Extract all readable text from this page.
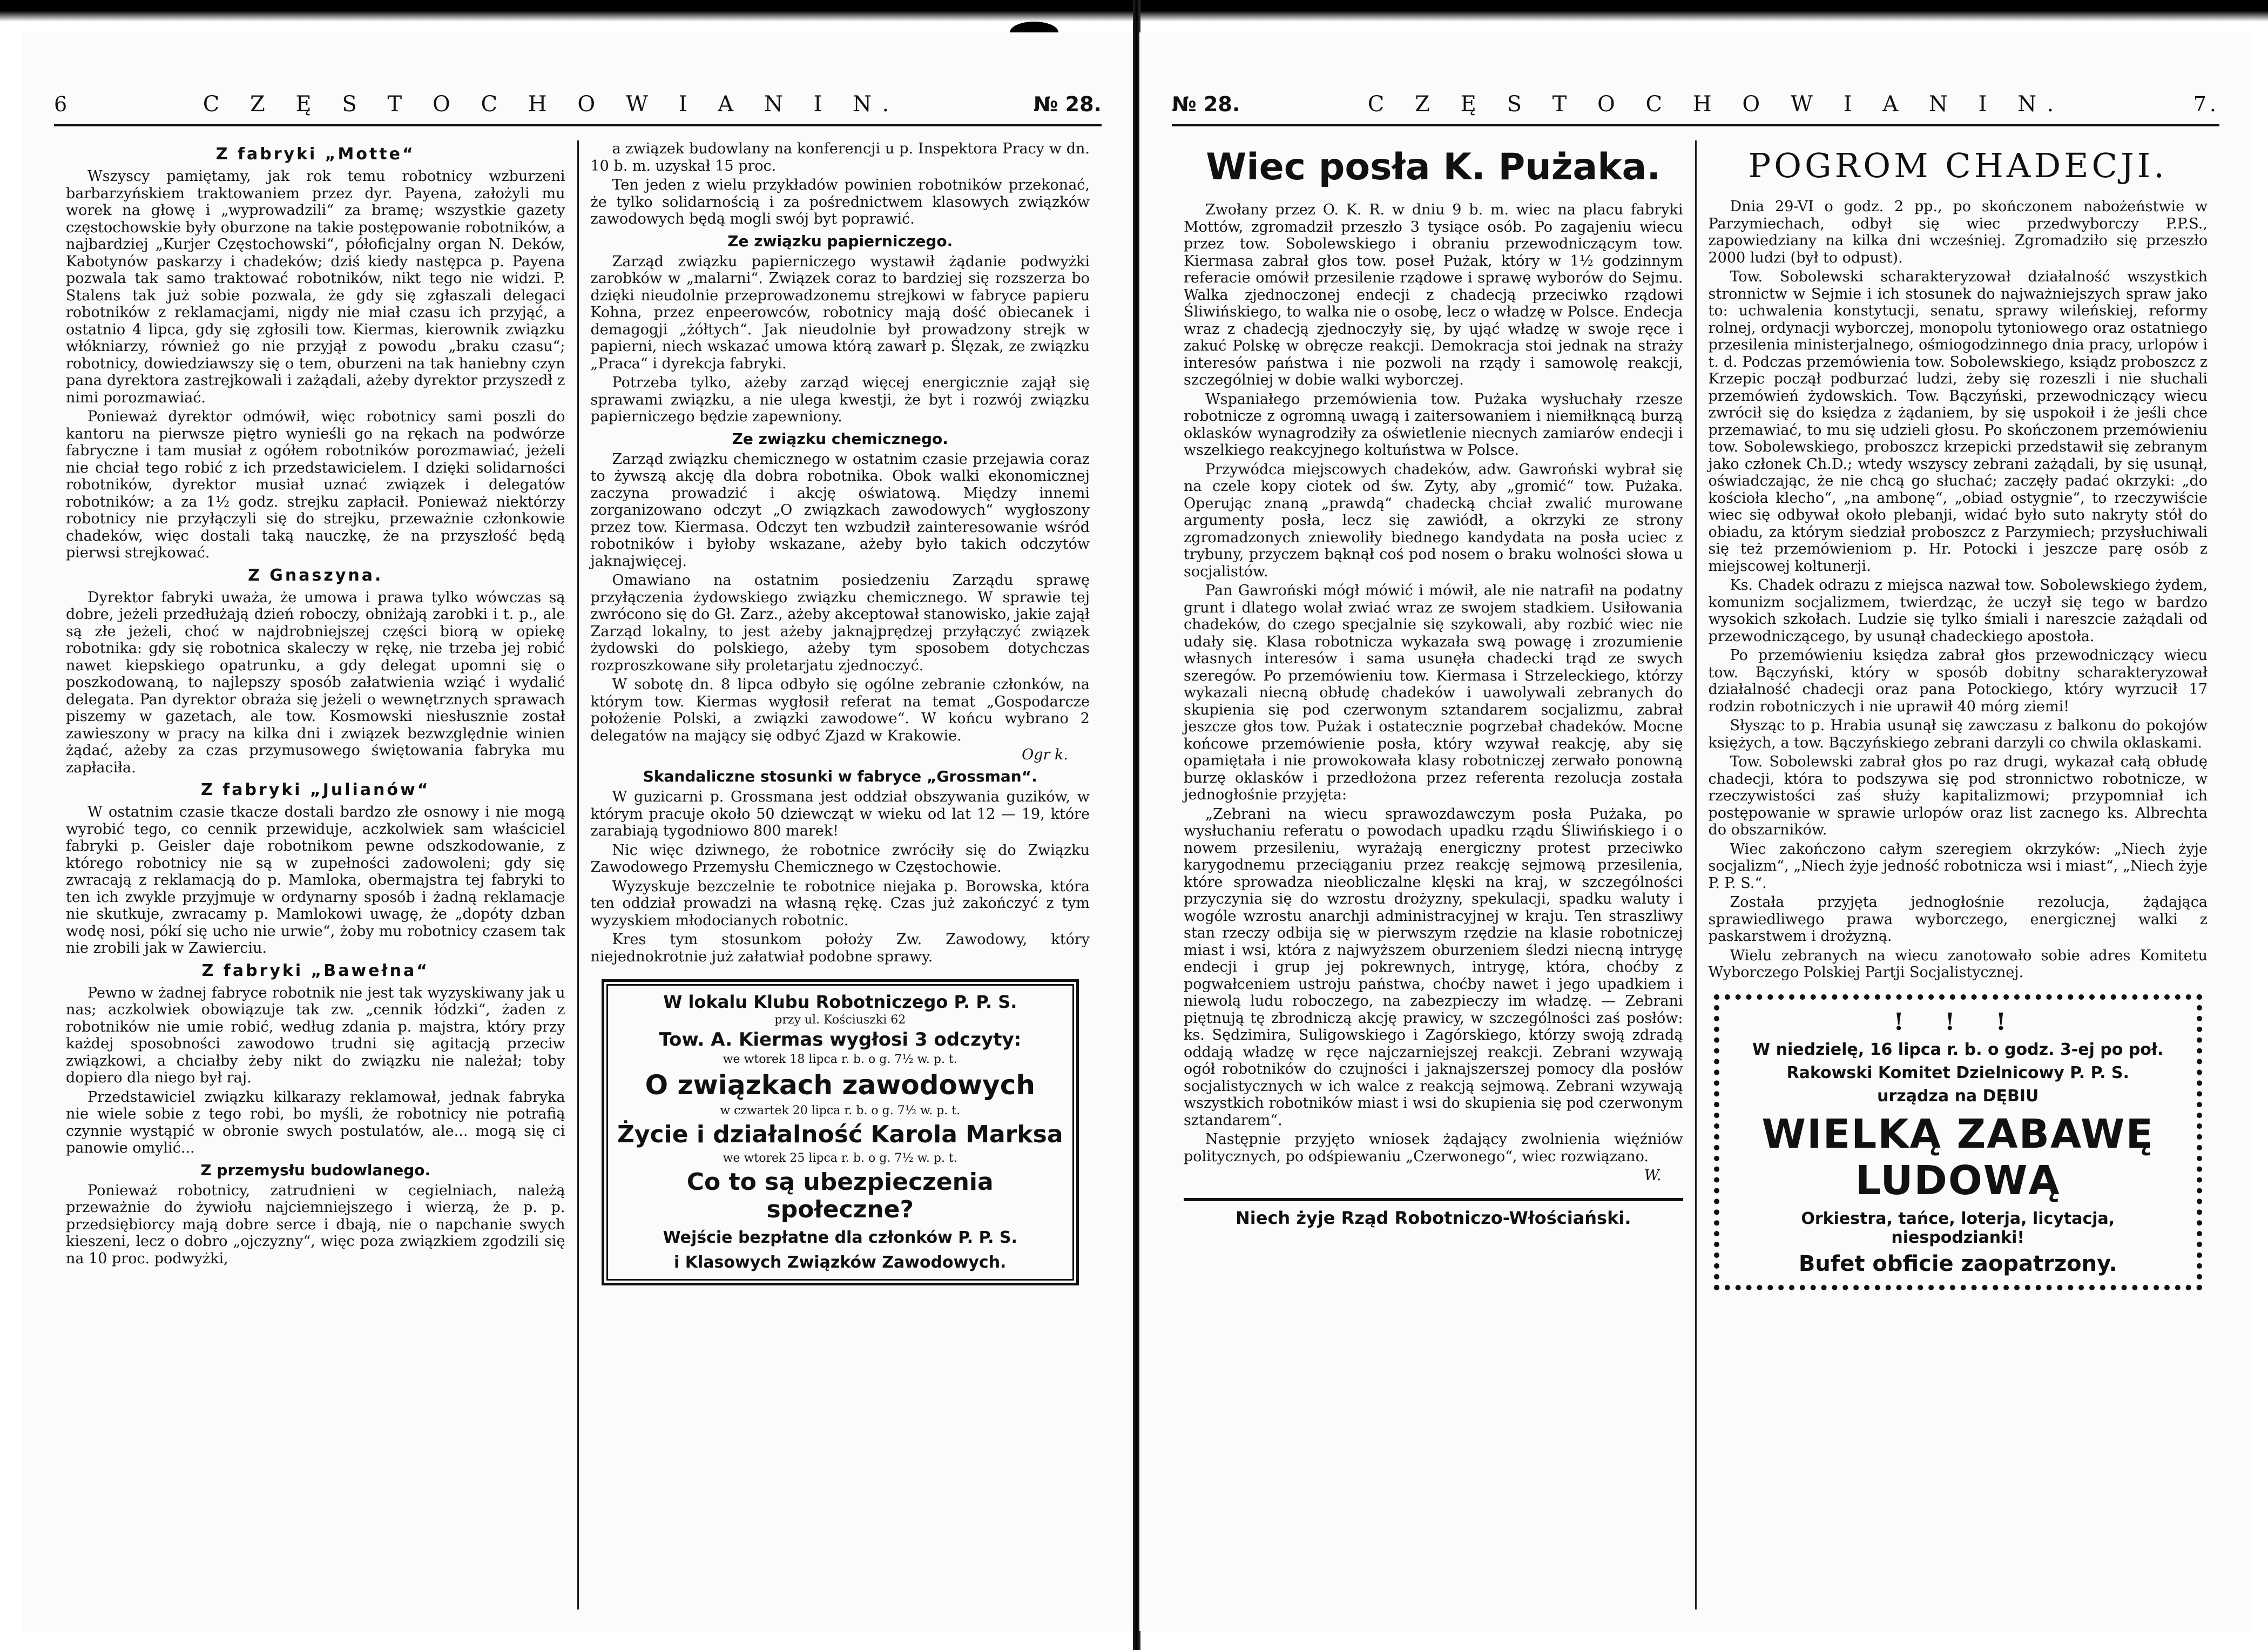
6	C Z Ę S T O C H O W I A N I N.	№ 28.
Z fabryki „Motte“

Wszyscy pamiętamy, jak rok temu robotnicy wzburzeni barbarzyńskiem traktowaniem przez dyr. Payena, założyli mu worek na głowę i „wyprowadzili“ za bramę; wszystkie gazety częstochowskie były oburzone na takie postępowanie robotników, a najbardziej „Kurjer Częstochowski“, półoficjalny organ N. Deków, Kabotynów paskarzy i chadeków; dziś kiedy następca p. Payena pozwala tak samo traktować robotników, nikt tego nie widzi. P. Stalens tak już sobie pozwala, że gdy się zgłaszali delegaci robotników z reklamacjami, nigdy nie miał czasu ich przyjąć, a ostatnio 4 lipca, gdy się zgłosili tow. Kiermas, kierownik związku włókniarzy, również go nie przyjął z powodu „braku czasu“; robotnicy, dowiedziawszy się o tem, oburzeni na tak haniebny czyn pana dyrektora zastrejkowali i zażądali, ażeby dyrektor przyszedł z nimi porozmawiać.

Ponieważ dyrektor odmówił, więc robotnicy sami poszli do kantoru na pierwsze piętro wynieśli go na rękach na podwórze fabryczne i tam musiał z ogółem robotników porozmawiać, jeżeli nie chciał tego robić z ich przedstawicielem. I dzięki solidarności robotników, dyrektor musiał uznać związek i delegatów robotników; a za 1½ godz. strejku zapłacił. Ponieważ niektórzy robotnicy nie przyłączyli się do strejku, przeważnie członkowie chadeków, więc dostali taką nauczkę, że na przyszłość będą pierwsi strejkować.

Z Gnaszyna.

Dyrektor fabryki uważa, że umowa i prawa tylko wówczas są dobre, jeżeli przedłużają dzień roboczy, obniżają zarobki i t. p., ale są złe jeżeli, choć w najdrobniejszej części biorą w opiekę robotnika: gdy się robotnica skaleczy w rękę, nie trzeba jej robić nawet kiepskiego opatrunku, a gdy delegat upomni się o poszkodowaną, to najlepszy sposób załatwienia wziąć i wydalić delegata. Pan dyrektor obraża się jeżeli o wewnętrznych sprawach piszemy w gazetach, ale tow. Kosmowski niesłusznie został zawieszony w pracy na kilka dni i związek bezwzględnie winien żądać, ażeby za czas przymusowego świętowania fabryka mu zapłaciła.

Z fabryki „Julianów“

W ostatnim czasie tkacze dostali bardzo złe osnowy i nie mogą wyrobić tego, co cennik przewiduje, aczkolwiek sam właściciel fabryki p. Geisler daje robotnikom pewne odszkodowanie, z którego robotnicy nie są w zupełności zadowoleni; gdy się zwracają z reklamacją do p. Mamloka, obermajstra tej fabryki to ten ich zwykle przyjmuje w ordynarny sposób i żadną reklamacje nie skutkuje, zwracamy p. Mamlokowi uwagę, że „dopóty dzban wodę nosi, pókí się ucho nie urwie“, żoby mu robotnicy czasem tak nie zrobili jak w Zawierciu.

Z fabryki „Bawełna“

Pewno w żadnej fabryce robotnik nie jest tak wyzyskiwany jak u nas; aczkolwiek obowiązuje tak zw. „cennik łódzki“, żaden z robotników nie umie robić, według zdania p. majstra, który przy każdej sposobności zawodowo trudni się agitacją przeciw związkowi, a chciałby żeby nikt do związku nie należał; toby dopiero dla niego był raj.

Przedstawiciel związku kilkarazy reklamował, jednak fabryka nie wiele sobie z tego robi, bo myśli, że robotnicy nie potrafią czynnie wystąpić w obronie swych postulatów, ale... mogą się ci panowie omylić...

Z przemysłu budowlanego.

Ponieważ robotnicy, zatrudnieni w cegielniach, należą przeważnie do żywiołu najciemniejszego i wierzą, że p. p. przedsiębiorcy mają dobre serce i dbają, nie o napchanie swych kieszeni, lecz o dobro „ojczyzny“, więc poza związkiem zgodzili się na 10 proc. podwyżki,

a związek budowlany na konferencji u p. Inspektora Pracy w dn. 10 b. m. uzyskał 15 proc.

Ten jeden z wielu przykładów powinien robotników przekonać, że tylko solidarnością i za pośrednictwem klasowych związków zawodowych będą mogli swój byt poprawić.

Ze związku papierniczego.

Zarząd związku papierniczego wystawił żądanie podwyżki zarobków w „malarni“. Związek coraz to bardziej się rozszerza bo dzięki nieudolnie przeprowadzonemu strejkowi w fabryce papieru Kohna, przez enpeerowców, robotnicy mają dość obiecanek i demagogji „żółtych“. Jak nieudolnie był prowadzony strejk w papierni, niech wskazać umowa którą zawarł p. Ślęzak, ze związku „Praca“ i dyrekcja fabryki.

Potrzeba tylko, ażeby zarząd więcej energicznie zajął się sprawami związku, a nie ulega kwestji, że byt i rozwój związku papierniczego będzie zapewniony.

Ze związku chemicznego.

Zarząd związku chemicznego w ostatnim czasie przejawia coraz to żywszą akcję dla dobra robotnika. Obok walki ekonomicznej zaczyna prowadzić i akcję oświatową. Między innemi zorganizowano odczyt „O związkach zawodowych“ wygłoszony przez tow. Kiermasa. Odczyt ten wzbudził zainteresowanie wśród robotników i byłoby wskazane, ażeby było takich odczytów jaknajwięcej.

Omawiano na ostatnim posiedzeniu Zarządu sprawę przyłączenia żydowskiego związku chemicznego. W sprawie tej zwrócono się do Gł. Zarz., ażeby akceptował stanowisko, jakie zajął Zarząd lokalny, to jest ażeby jaknajprędzej przyłączyć związek żydowski do polskiego, ażeby tym sposobem dotychczas rozproszkowane siły proletarjatu zjednoczyć.

W sobotę dn. 8 lipca odbyło się ogólne zebranie członków, na którym tow. Kiermas wygłosił referat na temat „Gospodarcze położenie Polski, a związki zawodowe“. W końcu wybrano 2 delegatów na mający się odbyć Zjazd w Krakowie.

Ogr k.
Skandaliczne stosunki w fabryce „Grossman“.

W guzicarni p. Grossmana jest oddział obszywania guzików, w którym pracuje około 50 dziewcząt w wieku od lat 12 — 19, które zarabiają tygodniowo 800 marek!

Nic więc dziwnego, że robotnice zwróciły się do Związku Zawodowego Przemysłu Chemicznego w Częstochowie.

Wyzyskuje bezczelnie te robotnice niejaka p. Borowska, która ten oddział prowadzi na własną rękę. Czas już zakończyć z tym wyzyskiem młodocianych robotnic.

Kres tym stosunkom położy Zw. Zawodowy, który niejednokrotnie już załatwiał podobne sprawy.

W lokalu Klubu Robotniczego P. P. S.
przy ul. Kościuszki 62
Tow. A. Kiermas wygłosi 3 odczyty:
we wtorek 18 lipca r. b. o g. 7½ w. p. t.
O związkach zawodowych
w czwartek 20 lipca r. b. o g. 7½ w. p. t.
Życie i działalność Karola Marksa
we wtorek 25 lipca r. b. o g. 7½ w. p. t.
Co to są ubezpieczenia społeczne?
Wejście bezpłatne dla członków P. P. S.
i Klasowych Związków Zawodowych.
№ 28.	C Z Ę S T O C H O W I A N I N.	7.
Wiec posła K. Pużaka.

Zwołany przez O. K. R. w dniu 9 b. m. wiec na placu fabryki Mottów, zgromadził przeszło 3 tysiące osób. Po zagajeniu wiecu przez tow. Sobolewskiego i obraniu przewodniczącym tow. Kiermasa zabrał głos tow. poseł Pużak, który w 1½ godzinnym referacie omówił przesilenie rządowe i sprawę wyborów do Sejmu. Walka zjednoczonej endecji z chadecją przeciwko rządowi Śliwińskiego, to walka nie o osobę, lecz o władzę w Polsce. Endecja wraz z chadecją zjednoczyły się, by ująć władzę w swoje ręce i zakuć Polskę w obręcze reakcji. Demokracja stoi jednak na straży interesów państwa i nie pozwoli na rządy i samowolę reakcji, szczególniej w dobie walki wyborczej.

Wspaniałego przemówienia tow. Pużaka wysłuchały rzesze robotnicze z ogromną uwagą i zaitersowaniem i niemiłknącą burzą oklasków wynagrodziły za oświetlenie niecnych zamiarów endecji i wszelkiego reakcyjnego koltuństwa w Polsce.

Przywódca miejscowych chadeków, adw. Gawroński wybrał się na czele kopy ciotek od św. Zyty, aby „gromić“ tow. Pużaka. Operując znaną „prawdą“ chadecką chciał zwalić murowane argumenty posła, lecz się zawiódł, a okrzyki ze strony zgromadzonych zniewoliły biednego kandydata na posła uciec z trybuny, przyczem bąknął coś pod nosem o braku wolności słowa u socjalistów.

Pan Gawroński mógł mówić i mówił, ale nie natrafił na podatny grunt i dlatego wolał zwiać wraz ze swojem stadkiem. Usiłowania chadeków, do czego specjalnie się szykowali, aby rozbić wiec nie udały się. Klasa robotnicza wykazała swą powagę i zrozumienie własnych interesów i sama usunęła chadecki trąd ze swych szeregów. Po przemówieniu tow. Kiermasa i Strzeleckiego, którzy wykazali niecną obłudę chadeków i uawolywali zebranych do skupienia się pod czerwonym sztandarem socjalizmu, zabrał jeszcze głos tow. Pużak i ostatecznie pogrzebał chadeków. Mocne końcowe przemówienie posła, który wzywał reakcję, aby się opamiętała i nie prowokowała klasy robotniczej zerwało ponowną burzę oklasków i przedłożona przez referenta rezolucja została jednogłośnie przyjęta:

„Zebrani na wiecu sprawozdawczym posła Pużaka, po wysłuchaniu referatu o powodach upadku rządu Śliwińskiego i o nowem przesileniu, wyrażają energiczny protest przeciwko karygodnemu przeciąganiu przez reakcję sejmową przesilenia, które sprowadza nieobliczalne klęski na kraj, w szczególności przyczynia się do wzrostu drożyzny, spekulacji, spadku waluty i wogóle wzrostu anarchji administracyjnej w kraju. Ten straszliwy stan rzeczy odbija się w pierwszym rzędzie na klasie robotniczej miast i wsi, która z najwyższem oburzeniem śledzi niecną intrygę endecji i grup jej pokrewnych, intrygę, która, choćby z pogwałceniem ustroju państwa, choćby nawet i jego upadkiem i niewolą ludu roboczego, na zabezpieczy im władzę. — Zebrani piętnują tę zbrodniczą akcję prawicy, w szczególności zaś posłów: ks. Sędzimira, Suligowskiego i Zagórskiego, którzy swoją zdradą oddają władzę w ręce najczarniejszej reakcji. Zebrani wzywają ogół robotników do czujności i jaknajszerszej pomocy dla posłów socjalistycznych w ich walce z reakcją sejmową. Zebrani wzywają wszystkich robotników miast i wsi do skupienia się pod czerwonym sztandarem“.

Następnie przyjęto wniosek żądający zwolnienia więźniów politycznych, po odśpiewaniu „Czerwonego“, wiec rozwiązano.

W.
Niech żyje Rząd Robotniczo-Włościański.
POGROM CHADECJI.

Dnia 29-VI o godz. 2 pp., po skończonem nabożeństwie w Parzymiechach, odbył się wiec przedwyborczy P.P.S., zapowiedziany na kilka dni wcześniej. Zgromadziło się przeszło 2000 ludzi (był to odpust).

Tow. Sobolewski scharakteryzował działalność wszystkich stronnictw w Sejmie i ich stosunek do najważniejszych spraw jako to: uchwalenia konstytucji, senatu, sprawy wileńskiej, reformy rolnej, ordynacji wyborczej, monopolu tytoniowego oraz ostatniego przesilenia ministerjalnego, ośmiogodzinnego dnia pracy, urlopów i t. d. Podczas przemówienia tow. Sobolewskiego, ksiądz proboszcz z Krzepic począł podburzać ludzi, żeby się rozeszli i nie słuchali przemówień żydowskich. Tow. Bączyński, przewodniczący wiecu zwrócił się do księdza z żądaniem, by się uspokoił i że jeśli chce przemawiać, to mu się udzieli głosu. Po skończonem przemówieniu tow. Sobolewskiego, proboszcz krzepicki przedstawił się zebranym jako członek Ch.D.; wtedy wszyscy zebrani zażądali, by się usunął, oświadczając, że nie chcą go słuchać; zaczęły padać okrzyki: „do kościoła klecho“, „na ambonę“, „obiad ostygnie“, to rzeczywiście wiec się odbywał około plebanji, widać było suto nakryty stół do obiadu, za którym siedział proboszcz z Parzymiech; przysłuchiwali się też przemówieniom p. Hr. Potocki i jeszcze parę osób z miejscowej koltunerji.

Ks. Chadek odrazu z miejsca nazwał tow. Sobolewskiego żydem, komunizm socjalizmem, twierdząc, że uczył się tego w bardzo wysokich szkołach. Ludzie się tylko śmiali i nareszcie zażądali od przewodniczącego, by usunął chadeckiego apostoła.

Po przemówieniu księdza zabrał głos przewodniczący wiecu tow. Bączyński, który w sposób dobitny scharakteryzował działalność chadecji oraz pana Potockiego, który wyrzucił 17 rodzin robotniczych i nie uprawił 40 mórg ziemi!

Słysząc to p. Hrabia usunął się zawczasu z balkonu do pokojów księżych, a tow. Bączyńskiego zebrani darzyli co chwila oklaskami.

Tow. Sobolewski zabrał głos po raz drugi, wykazał całą obłudę chadecji, która to podszywa się pod stronnictwo robotnicze, w rzeczywistości zaś służy kapitalizmowi; przypomniał ich postępowanie w sprawie urlopów oraz list zacnego ks. Albrechta do obszarników.

Wiec zakończono całym szeregiem okrzyków: „Niech żyje socjalizm“, „Niech żyje jedność robotnicza wsi i miast“, „Niech żyje P. P. S.“.

Została przyjęta jednogłośnie rezolucja, żądająca sprawiedliwego prawa wyborczego, energicznej walki z paskarstwem i drożyzną.

Wielu zebranych na wiecu zanotowało sobie adres Komitetu Wyborczego Polskiej Partji Socjalistycznej.

! ! !
W niedzielę, 16 lipca r. b. o godz. 3-ej po poł.
Rakowski Komitet Dzielnicowy P. P. S.
urządza na DĘBIU
WIELKĄ ZABAWĘ LUDOWĄ
Orkiestra, tańce, loterja, licytacja, niespodzianki!
Bufet obficie zaopatrzony.
